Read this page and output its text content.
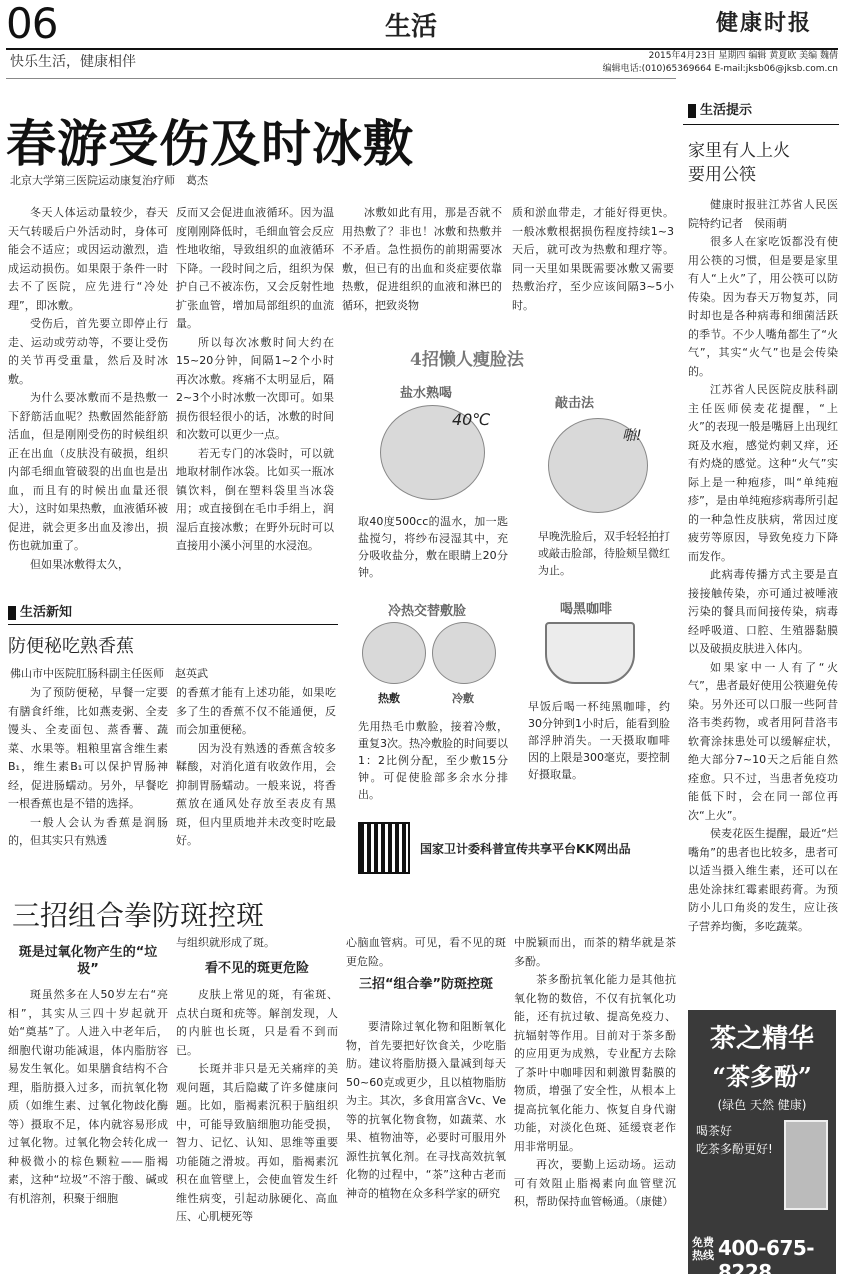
06	生活	健康时报
快乐生活，健康相伴	2015年4月23日 星期四 编辑 黄夏欧 美编 魏倩
编辑电话:(010)65369664 E-mail:jksb06@jksb.com.cn
春游受伤及时冰敷
北京大学第三医院运动康复治疗师　葛杰

冬天人体运动量较少，春天天气转暖后户外活动时，身体可能会不适应；或因运动激烈，造成运动损伤。如果限于条件一时去不了医院，应先进行“冷处理”，即冰敷。

受伤后，首先要立即停止行走、运动或劳动等，不要让受伤的关节再受重量，然后及时冰敷。

为什么要冰敷而不是热敷一下舒筋活血呢？热敷固然能舒筋活血，但是刚刚受伤的时候组织正在出血（皮肤没有破损，组织内部毛细血管破裂的出血也是出血，而且有的时候出血量还很大），这时如果热敷，血液循环被促进，就会更多出血及渗出，损伤也就加重了。

但如果冰敷得太久，

反而又会促进血液循环。因为温度刚刚降低时，毛细血管会反应性地收缩，导致组织的血液循环下降。一段时间之后，组织为保护自己不被冻伤，又会反射性地扩张血管，增加局部组织的血流量。

所以每次冰敷时间大约在15~20分钟，间隔1~2个小时再次冰敷。疼痛不太明显后，隔2~3个小时冰敷一次即可。如果损伤很轻很小的话，冰敷的时间和次数可以更少一点。

若无专门的冰袋时，可以就地取材制作冰袋。比如买一瓶冰镇饮料，倒在塑料袋里当冰袋用；或直接倒在毛巾手绢上，润湿后直接冰敷；在野外玩时可以直接用小溪小河里的水浸泡。

冰敷如此有用，那是否就不用热敷了？非也！冰敷和热敷并不矛盾。急性损伤的前期需要冰敷，但已有的出血和炎症要依靠热敷，促进组织的血液和淋巴的循环，把致炎物

质和淤血带走，才能好得更快。一般冰敷根据损伤程度持续1~3天后，就可改为热敷和理疗等。同一天里如果既需要冰敷又需要热敷治疗，至少应该间隔3~5小时。

4招懒人瘦脸法
盐水熟喝
40℃
取40度500cc的温水，加一匙盐搅匀，将纱布浸湿其中，充分吸收盐分，敷在眼睛上20分钟。
敲击法
啪!
早晚洗脸后，双手轻轻拍打或敲击脸部，待脸颊呈微红为止。
冷热交替敷脸
热敷	冷敷
先用热毛巾敷脸，接着冷敷，重复3次。热冷敷脸的时间要以1：2比例分配，至少敷15分钟。可促使脸部多余水分排出。
喝黑咖啡
早饭后喝一杯纯黑咖啡，约30分钟到1小时后，能看到脸部浮肿消失。一天摄取咖啡因的上限是300毫克，要控制好摄取量。
国家卫计委科普宣传共享平台KK网出品
生活新知
防便秘吃熟香蕉
佛山市中医院肛肠科副主任医师　赵英武

为了预防便秘，早餐一定要有膳食纤维，比如燕麦粥、全麦馒头、全麦面包、蒸香薯、蔬菜、水果等。粗粮里富含维生素B₁，维生素B₁可以保护胃肠神经，促进肠蠕动。另外，早餐吃一根香蕉也是不错的选择。

一般人会认为香蕉是润肠的，但其实只有熟透

的香蕉才能有上述功能，如果吃多了生的香蕉不仅不能通便，反而会加重便秘。

因为没有熟透的香蕉含较多鞣酸，对消化道有收敛作用，会抑制胃肠蠕动。一般来说，将香蕉放在通风处存放至表皮有黑斑，但内里质地并未改变时吃最好。

生活提示
家里有人上火
要用公筷

健康时报驻江苏省人民医院特约记者　侯雨萌

很多人在家吃饭都没有使用公筷的习惯，但是要是家里有人“上火”了，用公筷可以防传染。因为春天万物复苏，同时却也是各种病毒和细菌活跃的季节。不少人嘴角都生了“火气”，其实“火气”也是会传染的。

江苏省人民医院皮肤科副主任医师侯麦花提醒，“上火”的表现一般是嘴唇上出现红斑及水疱，感觉灼刺又痒，还有灼烧的感觉。这种“火气”实际上是一种疱疹，叫“单纯疱疹”，是由单纯疱疹病毒所引起的一种急性皮肤病，常因过度疲劳等原因，导致免疫力下降而发作。

此病毒传播方式主要是直接接触传染，亦可通过被唾液污染的餐具而间接传染，病毒经呼吸道、口腔、生殖器黏膜以及破损皮肤进入体内。

如果家中一人有了“火气”，患者最好使用公筷避免传染。另外还可以口服一些阿昔洛韦类药物，或者用阿昔洛韦软膏涂抹患处可以缓解症状，绝大部分7~10天之后能自然痊愈。只不过，当患者免疫功能低下时，会在同一部位再次“上火”。

侯麦花医生提醒，最近“烂嘴角”的患者也比较多，患者可以适当摄入维生素，还可以在患处涂抹红霉素眼药膏。为预防小儿口角炎的发生，应让孩子营养均衡，多吃蔬菜。

茶之精华
“茶多酚”
(绿色 天然 健康)
喝茶好
吃茶多酚更好!
免费热线 400-675-8228
三招组合拳防斑控斑
斑是过氧化物产生的“垃圾”

斑虽然多在人50岁左右“亮相”，其实从三四十岁起就开始“奠基”了。人进入中老年后，细胞代谢功能减退，体内脂肪容易发生氧化。如果膳食结构不合理，脂肪摄入过多，而抗氧化物质（如维生素、过氧化物歧化酶等）摄取不足，体内就容易形成过氧化物。过氧化物会转化成一种极微小的棕色颗粒——脂褐素，这种“垃圾”不溶于酸、碱或有机溶剂，积聚于细胞

与组织就形成了斑。
看不见的斑更危险

皮肤上常见的斑，有雀斑、点状白斑和疣等。解剖发现，人的内脏也长斑，只是看不到而已。

长斑并非只是无关痛痒的美观问题，其后隐藏了许多健康问题。比如，脂褐素沉积于脑组织中，可能导致脑细胞功能受损，智力、记忆、认知、思维等重要功能随之滑坡。再如，脂褐素沉积在血管壁上，会使血管发生纤维性病变，引起动脉硬化、高血压、心肌梗死等

心脑血管病。可见，看不见的斑更危险。
三招“组合拳”防斑控斑

要清除过氧化物和阻断氧化物，首先要把好饮食关，少吃脂肪。建议将脂肪摄入量减到每天50~60克或更少，且以植物脂肪为主。其次，多食用富含Vc、Ve等的抗氧化物食物，如蔬菜、水果、植物油等，必要时可服用外源性抗氧化剂。在寻找高效抗氧化物的过程中，“茶”这种古老而神奇的植物在众多科学家的研究

中脱颖而出，而茶的精华就是茶多酚。

茶多酚抗氧化能力是其他抗氧化物的数倍，不仅有抗氧化功能，还有抗过敏、提高免疫力、抗辐射等作用。目前对于茶多酚的应用更为成熟，专业配方去除了茶叶中咖啡因和刺激胃黏膜的物质，增强了安全性，从根本上提高抗氧化能力、恢复自身代谢功能，对淡化色斑、延缓衰老作用非常明显。

再次，要勤上运动场。运动可有效阻止脂褐素向血管壁沉积，帮助保持血管畅通。（康健）
